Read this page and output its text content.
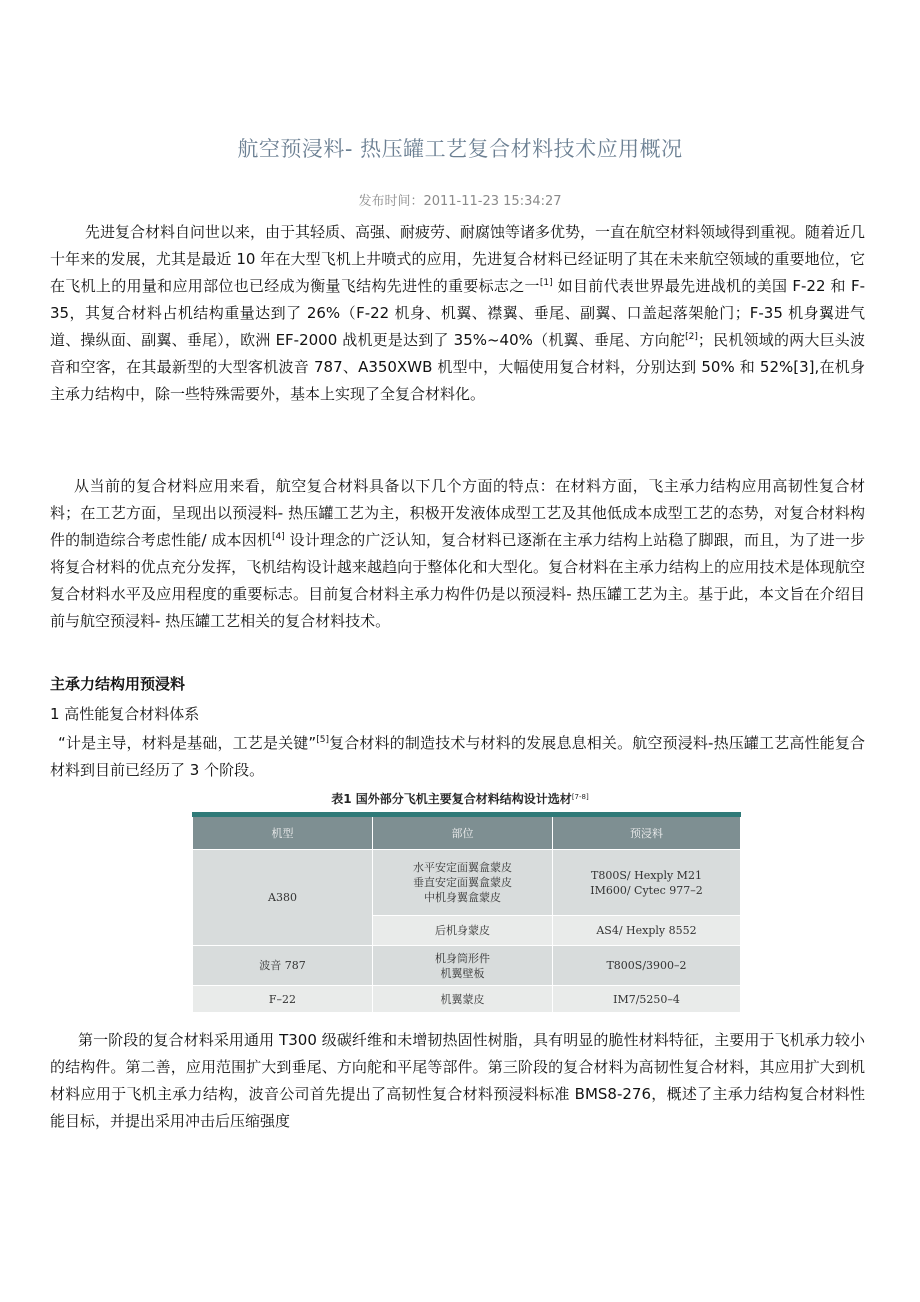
航空预浸料- 热压罐工艺复合材料技术应用概况
发布时间：2011-11-23 15:34:27
先进复合材料自问世以来，由于其轻质、高强、耐疲劳、耐腐蚀等诸多优势，一直在航空材料领域得到重视。随着近几十年来的发展，尤其是最近 10 年在大型飞机上井喷式的应用，先进复合材料已经证明了其在未来航空领域的重要地位，它在飞机上的用量和应用部位也已经成为衡量飞结构先进性的重要标志之一[1] 如目前代表世界最先进战机的美国 F-22 和 F-35，其复合材料占机结构重量达到了 26%（F-22 机身、机翼、襟翼、垂尾、副翼、口盖起落架舱门；F-35 机身翼进气道、操纵面、副翼、垂尾），欧洲 EF-2000 战机更是达到了 35%~40%（机翼、垂尾、方向舵[2]；民机领域的两大巨头波音和空客，在其最新型的大型客机波音 787、A350XWB 机型中，大幅使用复合材料，分别达到 50% 和 52%[3],在机身主承力结构中，除一些特殊需要外，基本上实现了全复合材料化。
从当前的复合材料应用来看，航空复合材料具备以下几个方面的特点：在材料方面，飞主承力结构应用高韧性复合材料；在工艺方面，呈现出以预浸料- 热压罐工艺为主，积极开发液体成型工艺及其他低成本成型工艺的态势，对复合材料构件的制造综合考虑性能/ 成本因机[4] 设计理念的广泛认知，复合材料已逐渐在主承力结构上站稳了脚跟，而且，为了进一步将复合材料的优点充分发挥，飞机结构设计越来越趋向于整体化和大型化。复合材料在主承力结构上的应用技术是体现航空复合材料水平及应用程度的重要标志。目前复合材料主承力构件仍是以预浸料- 热压罐工艺为主。基于此，本文旨在介绍目前与航空预浸料- 热压罐工艺相关的复合材料技术。
主承力结构用预浸料
1 高性能复合材料体系
“计是主导，材料是基础，工艺是关键”[5]复合材料的制造技术与材料的发展息息相关。航空预浸料-热压罐工艺高性能复合材料到目前已经历了 3 个阶段。
表1 国外部分飞机主要复合材料结构设计选材[7-8]
机型	部位	预浸料
A380	水平安定面翼盒蒙皮
垂直安定面翼盒蒙皮
中机身翼盒蒙皮	T800S/ Hexply M21
IM600/ Cytec 977–2
	后机身蒙皮	AS4/ Hexply 8552
波音 787	机身筒形件
机翼壁板	T800S/3900–2
F–22	机翼蒙皮	IM7/5250–4
第一阶段的复合材料采用通用 T300 级碳纤维和未增韧热固性树脂，具有明显的脆性材料特征，主要用于飞机承力较小的结构件。第二善，应用范围扩大到垂尾、方向舵和平尾等部件。第三阶段的复合材料为高韧性复合材料，其应用扩大到机材料应用于飞机主承力结构，波音公司首先提出了高韧性复合材料预浸料标准 BMS8-276，概述了主承力结构复合材料性能目标，并提出采用冲击后压缩强度
